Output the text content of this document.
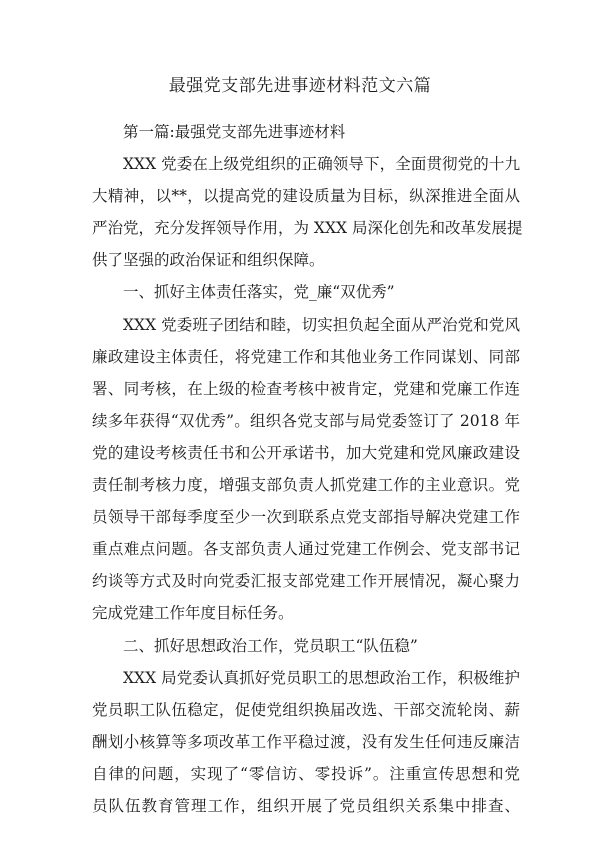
最强党支部先进事迹材料范文六篇

第一篇:最强党支部先进事迹材料

XXX 党委在上级党组织的正确领导下，全面贯彻党的十九

大精神，以**，以提高党的建设质量为目标，纵深推进全面从

严治党，充分发挥领导作用，为 XXX 局深化创先和改革发展提

供了坚强的政治保证和组织保障。

一、抓好主体责任落实，党_廉“双优秀”

XXX 党委班子团结和睦，切实担负起全面从严治党和党风

廉政建设主体责任，将党建工作和其他业务工作同谋划、同部

署、同考核，在上级的检查考核中被肯定，党建和党廉工作连

续多年获得“双优秀”。组织各党支部与局党委签订了 2018 年

党的建设考核责任书和公开承诺书，加大党建和党风廉政建设

责任制考核力度，增强支部负责人抓党建工作的主业意识。党

员领导干部每季度至少一次到联系点党支部指导解决党建工作

重点难点问题。各支部负责人通过党建工作例会、党支部书记

约谈等方式及时向党委汇报支部党建工作开展情况，凝心聚力

完成党建工作年度目标任务。

二、抓好思想政治工作，党员职工“队伍稳”

XXX 局党委认真抓好党员职工的思想政治工作，积极维护

党员职工队伍稳定，促使党组织换届改选、干部交流轮岗、薪

酬划小核算等多项改革工作平稳过渡，没有发生任何违反廉洁

自律的问题，实现了“零信访、零投诉”。注重宣传思想和党

员队伍教育管理工作，组织开展了党员组织关系集中排查、
